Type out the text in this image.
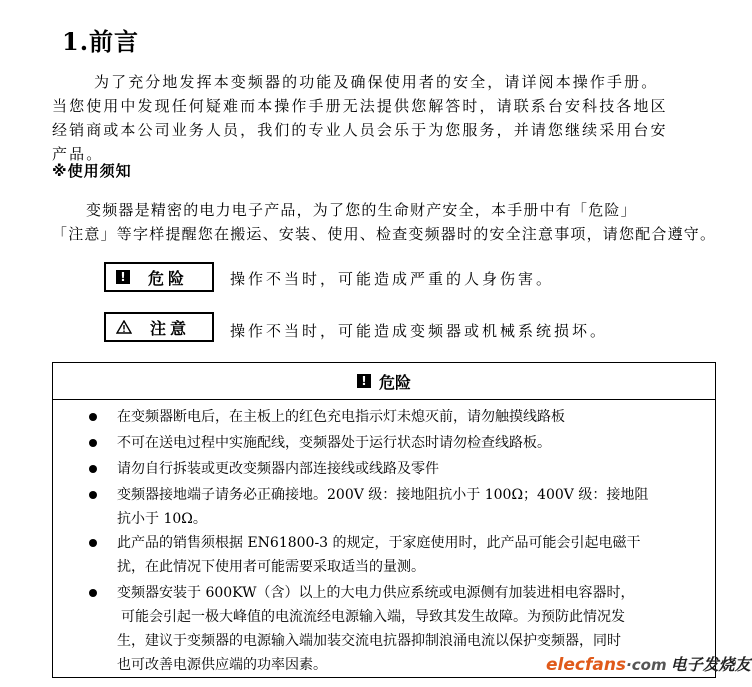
1.前言
为了充分地发挥本变频器的功能及确保使用者的安全，请详阅本操作手册。
当您使用中发现任何疑难而本操作手册无法提供您解答时，请联系台安科技各地区
经销商或本公司业务人员，我们的专业人员会乐于为您服务，并请您继续采用台安
产品。
※使用须知
变频器是精密的电力电子产品，为了您的生命财产安全，本手册中有「危险」
「注意」等字样提醒您在搬运、安装、使用、检查变频器时的安全注意事项，请您配合遵守。
! 危险	操作不当时，可能造成严重的人身伤害。
注意	操作不当时，可能造成变频器或机械系统损坏。
! 危险
在变频器断电后，在主板上的红色充电指示灯未熄灭前，请勿触摸线路板
不可在送电过程中实施配线，变频器处于运行状态时请勿检查线路板。
请勿自行拆装或更改变频器内部连接线或线路及零件
变频器接地端子请务必正确接地。200V 级：接地阻抗小于 100Ω；400V 级：接地阻
抗小于 10Ω。
此产品的销售须根据 EN61800-3 的规定，于家庭使用时，此产品可能会引起电磁干
扰，在此情况下使用者可能需要采取适当的量测。
变频器安装于 600KW（含）以上的大电力供应系统或电源侧有加装进相电容器时，
可能会引起一极大峰值的电流流经电源输入端，导致其发生故障。为预防此情况发
生，建议于变频器的电源输入端加装交流电抗器抑制浪涌电流以保护变频器，同时
也可改善电源供应端的功率因素。	elecfans·com 电子发烧友
